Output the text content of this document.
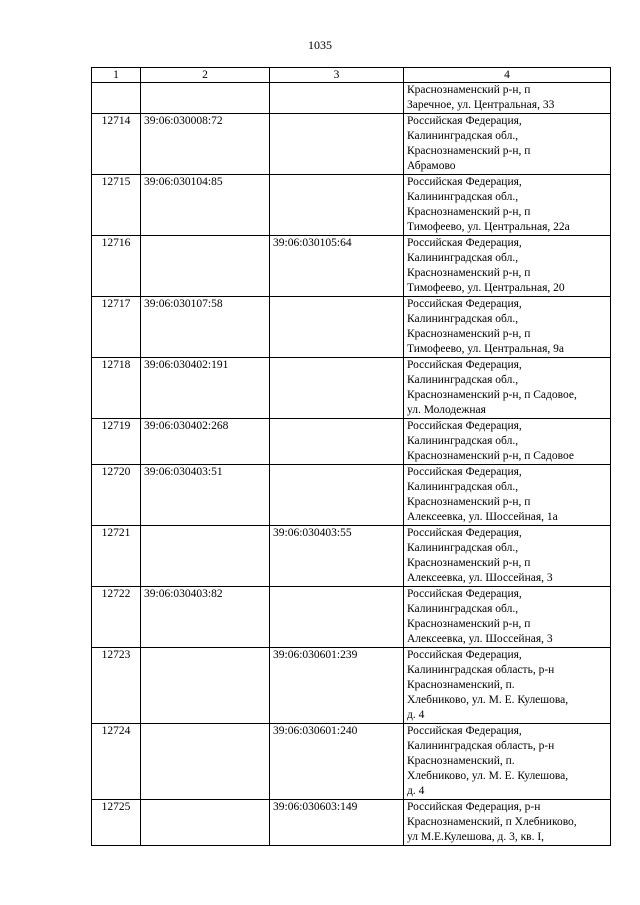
1035
1	2	3	4
			Краснознаменский р-н, п
Заречное, ул. Центральная, 33
12714	39:06:030008:72		Российская Федерация,
Калининградская обл.,
Краснознаменский р-н, п
Абрамово
12715	39:06:030104:85		Российская Федерация,
Калининградская обл.,
Краснознаменский р-н, п
Тимофеево, ул. Центральная, 22а
12716		39:06:030105:64	Российская Федерация,
Калининградская обл.,
Краснознаменский р-н, п
Тимофеево, ул. Центральная, 20
12717	39:06:030107:58		Российская Федерация,
Калининградская обл.,
Краснознаменский р-н, п
Тимофеево, ул. Центральная, 9а
12718	39:06:030402:191		Российская Федерация,
Калининградская обл.,
Краснознаменский р-н, п Садовое,
ул. Молодежная
12719	39:06:030402:268		Российская Федерация,
Калининградская обл.,
Краснознаменский р-н, п Садовое
12720	39:06:030403:51		Российская Федерация,
Калининградская обл.,
Краснознаменский р-н, п
Алексеевка, ул. Шоссейная, 1а
12721		39:06:030403:55	Российская Федерация,
Калининградская обл.,
Краснознаменский р-н, п
Алексеевка, ул. Шоссейная, 3
12722	39:06:030403:82		Российская Федерация,
Калининградская обл.,
Краснознаменский р-н, п
Алексеевка, ул. Шоссейная, 3
12723		39:06:030601:239	Российская Федерация,
Калининградская область, р-н
Краснознаменский, п.
Хлебниково, ул. М. Е. Кулешова,
д. 4
12724		39:06:030601:240	Российская Федерация,
Калининградская область, р-н
Краснознаменский, п.
Хлебниково, ул. М. Е. Кулешова,
д. 4
12725		39:06:030603:149	Российская Федерация, р-н
Краснознаменский, п Хлебниково,
ул М.Е.Кулешова, д. 3, кв. I,
